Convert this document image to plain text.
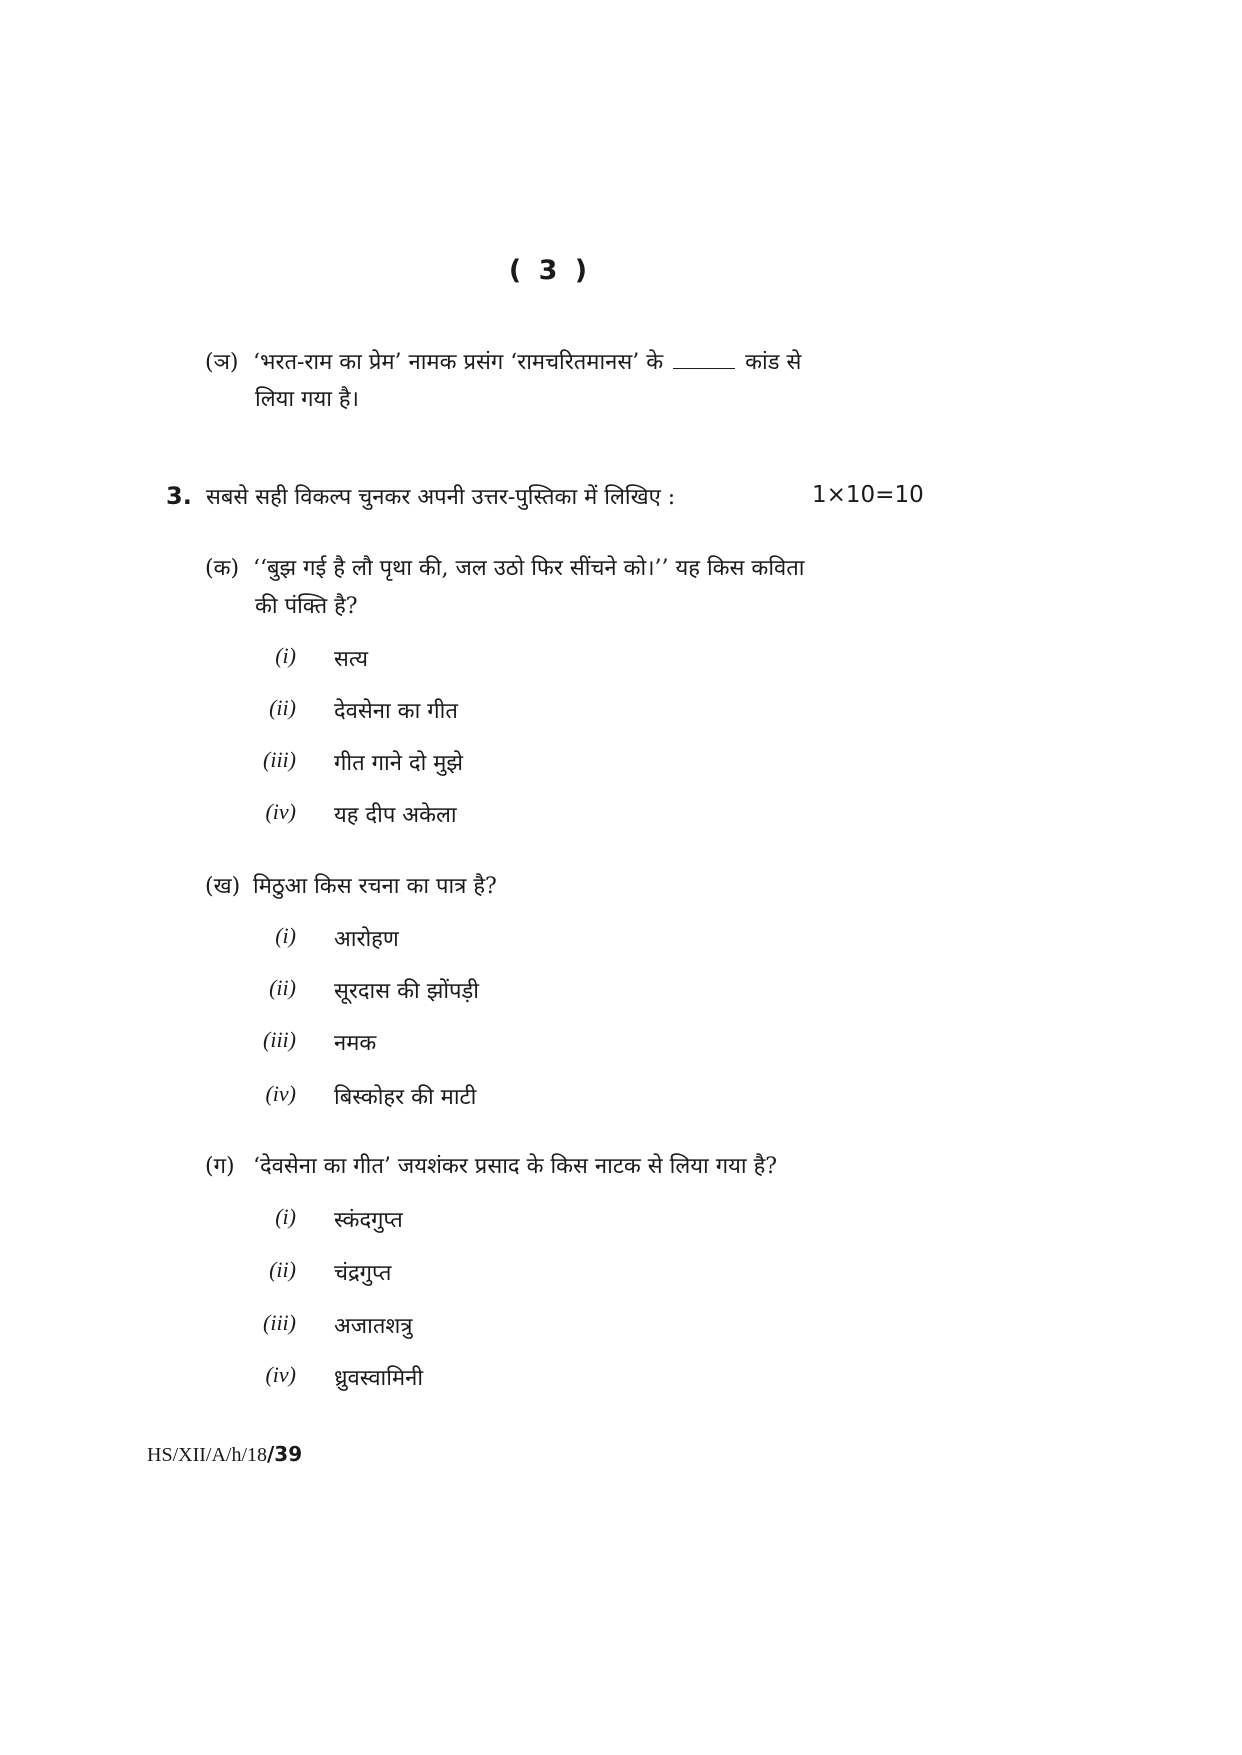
( 3 )
(ञ) ‘भरत-राम का प्रेम’ नामक प्रसंग ‘रामचरितमानस’ के	कांड से
लिया गया है।
3. सबसे सही विकल्प चुनकर अपनी उत्तर-पुस्तिका में लिखिए :	1×10=10
(क) ‘‘बुझ गई है लौ पृथा की, जल उठो फिर सींचने को।’’ यह किस कविता
की पंक्ति है?
(i) सत्य
(ii) देवसेना का गीत
(iii) गीत गाने दो मुझे
(iv) यह दीप अकेला
(ख) मिठुआ किस रचना का पात्र है?
(i) आरोहण
(ii) सूरदास की झोंपड़ी
(iii) नमक
(iv) बिस्कोहर की माटी
(ग) ‘देवसेना का गीत’ जयशंकर प्रसाद के किस नाटक से लिया गया है?
(i) स्कंदगुप्त
(ii) चंद्रगुप्त
(iii) अजातशत्रु
(iv) ध्रुवस्वामिनी
HS/XII/A/h/18/39
